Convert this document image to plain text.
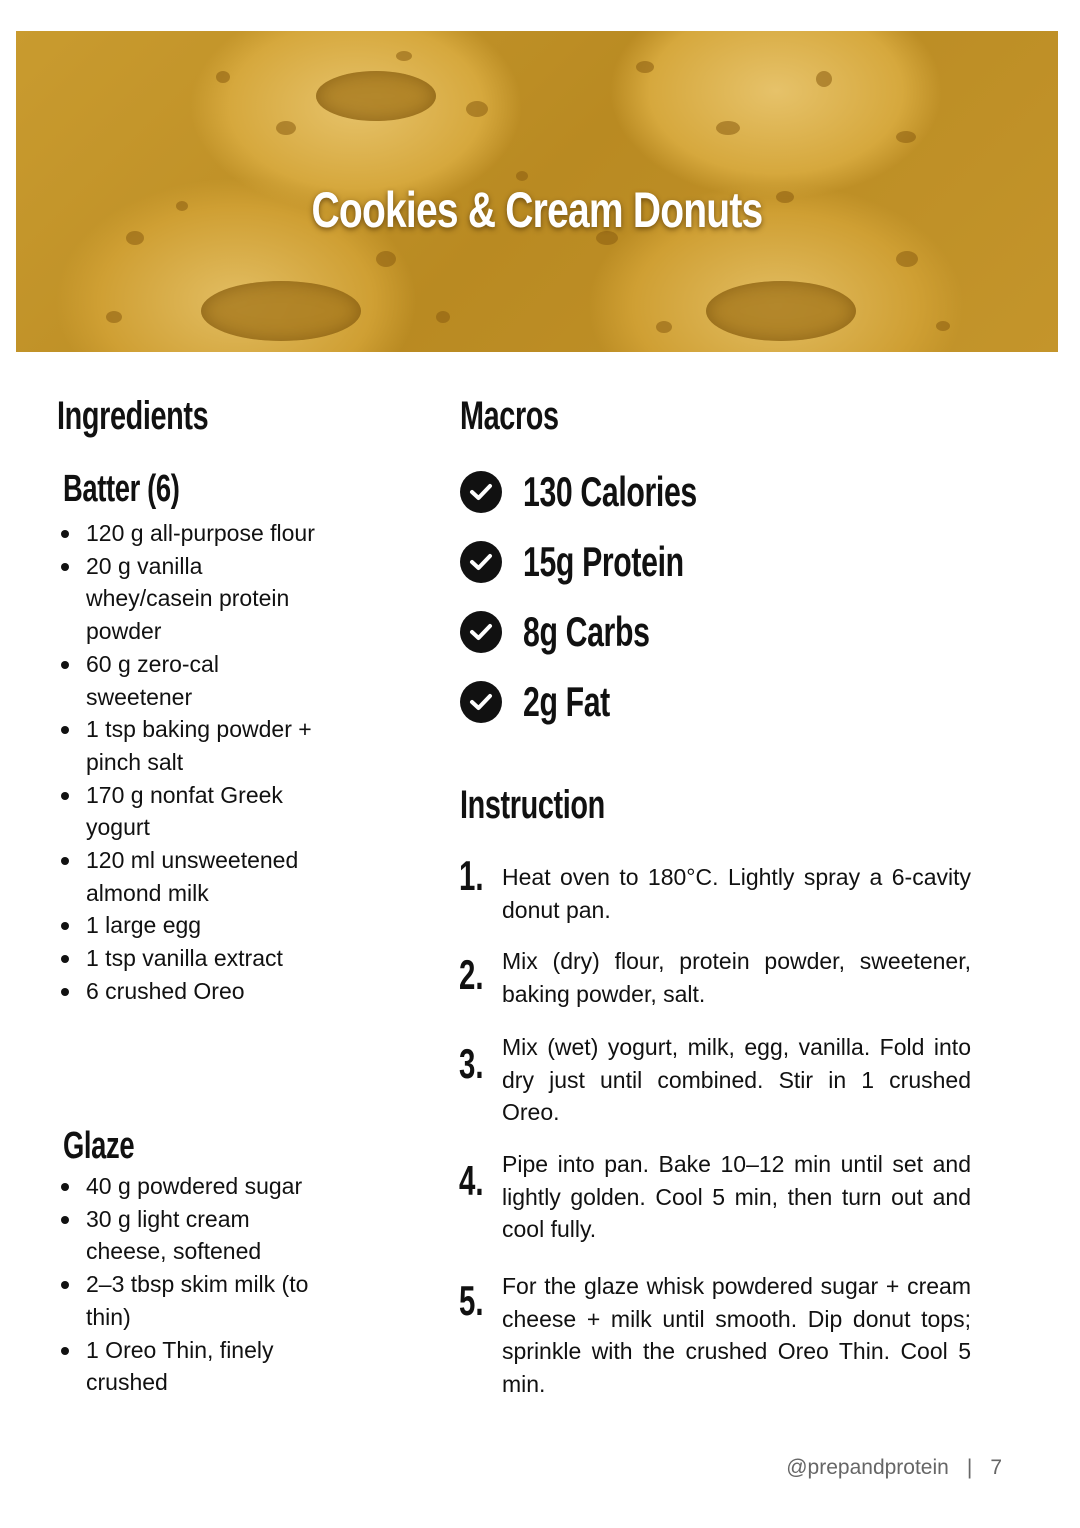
Cookies & Cream Donuts
Ingredients
Batter (6)
120 g all-purpose flour
20 g vanilla whey/casein protein powder
60 g zero-cal sweetener
1 tsp baking powder + pinch salt
170 g nonfat Greek yogurt
120 ml unsweetened almond milk
1 large egg
1 tsp vanilla extract
6 crushed Oreo
Glaze
40 g powdered sugar
30 g light cream cheese, softened
2–3 tbsp skim milk (to thin)
1 Oreo Thin, finely crushed
Macros
130 Calories
15g Protein
8g Carbs
2g Fat
Instruction
1. Heat oven to 180°C. Lightly spray a 6-cavity donut pan.
2. Mix (dry) flour, protein powder, sweetener, baking powder, salt.
3. Mix (wet) yogurt, milk, egg, vanilla. Fold into dry just until combined. Stir in 1 crushed Oreo.
4. Pipe into pan. Bake 10–12 min until set and lightly golden. Cool 5 min, then turn out and cool fully.
5. For the glaze whisk powdered sugar + cream cheese + milk until smooth. Dip donut tops; sprinkle with the crushed Oreo Thin. Cool 5 min.
@prepandprotein | 7
